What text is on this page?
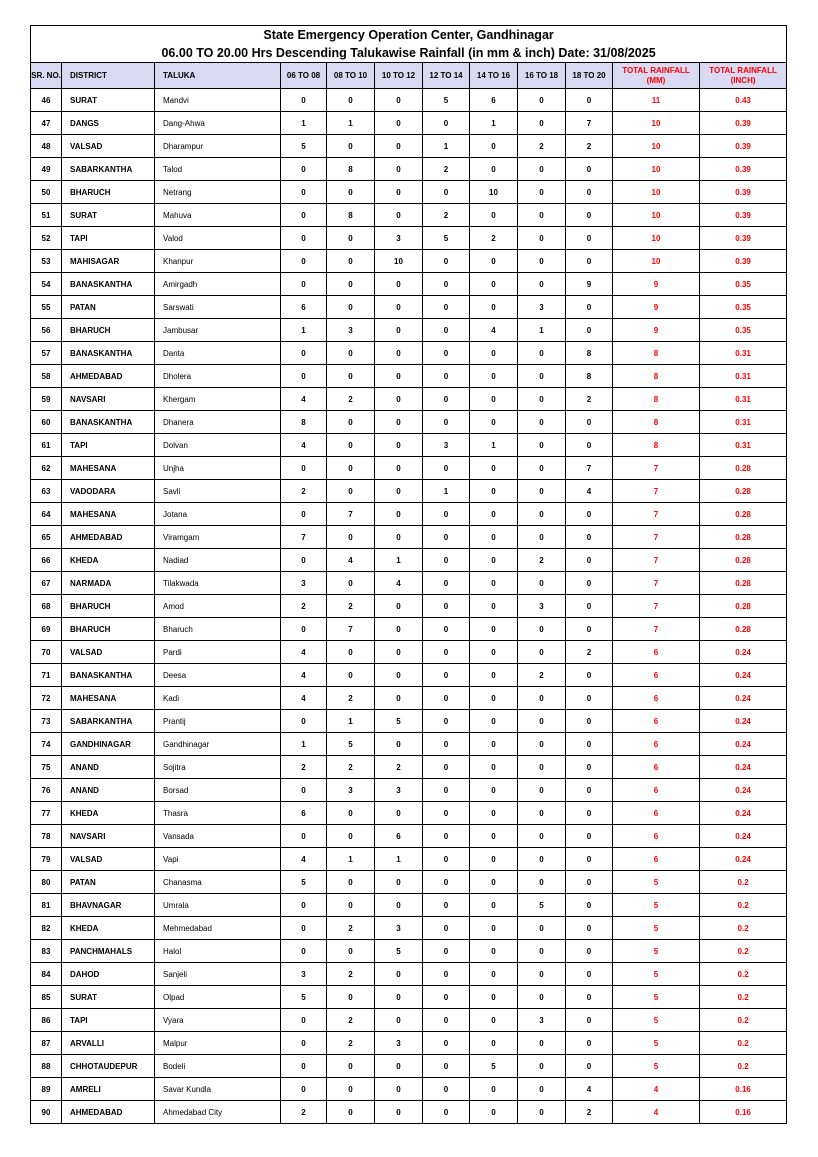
State Emergency Operation Center, Gandhinagar											
06.00 TO 20.00 Hrs Descending Talukawise Rainfall (in mm & inch) Date: 31/08/2025											
SR. NO.	DISTRICT	TALUKA	06 TO 08	08 TO 10	10 TO 12	12 TO 14	14 TO 16	16 TO 18	18 TO 20	TOTAL RAINFALL (MM)	TOTAL RAINFALL (INCH)
46	SURAT	Mandvi	0	0	0	5	6	0	0	11	0.43
47	DANGS	Dang-Ahwa	1	1	0	0	1	0	7	10	0.39
48	VALSAD	Dharampur	5	0	0	1	0	2	2	10	0.39
49	SABARKANTHA	Talod	0	8	0	2	0	0	0	10	0.39
50	BHARUCH	Netrang	0	0	0	0	10	0	0	10	0.39
51	SURAT	Mahuva	0	8	0	2	0	0	0	10	0.39
52	TAPI	Valod	0	0	3	5	2	0	0	10	0.39
53	MAHISAGAR	Khanpur	0	0	10	0	0	0	0	10	0.39
54	BANASKANTHA	Amirgadh	0	0	0	0	0	0	9	9	0.35
55	PATAN	Sarswati	6	0	0	0	0	3	0	9	0.35
56	BHARUCH	Jambusar	1	3	0	0	4	1	0	9	0.35
57	BANASKANTHA	Danta	0	0	0	0	0	0	8	8	0.31
58	AHMEDABAD	Dholera	0	0	0	0	0	0	8	8	0.31
59	NAVSARI	Khergam	4	2	0	0	0	0	2	8	0.31
60	BANASKANTHA	Dhanera	8	0	0	0	0	0	0	8	0.31
61	TAPI	Dolvan	4	0	0	3	1	0	0	8	0.31
62	MAHESANA	Unjha	0	0	0	0	0	0	7	7	0.28
63	VADODARA	Savli	2	0	0	1	0	0	4	7	0.28
64	MAHESANA	Jotana	0	7	0	0	0	0	0	7	0.28
65	AHMEDABAD	Viramgam	7	0	0	0	0	0	0	7	0.28
66	KHEDA	Nadiad	0	4	1	0	0	2	0	7	0.28
67	NARMADA	Tilakwada	3	0	4	0	0	0	0	7	0.28
68	BHARUCH	Amod	2	2	0	0	0	3	0	7	0.28
69	BHARUCH	Bharuch	0	7	0	0	0	0	0	7	0.28
70	VALSAD	Pardi	4	0	0	0	0	0	2	6	0.24
71	BANASKANTHA	Deesa	4	0	0	0	0	2	0	6	0.24
72	MAHESANA	Kadi	4	2	0	0	0	0	0	6	0.24
73	SABARKANTHA	Prantij	0	1	5	0	0	0	0	6	0.24
74	GANDHINAGAR	Gandhinagar	1	5	0	0	0	0	0	6	0.24
75	ANAND	Sojitra	2	2	2	0	0	0	0	6	0.24
76	ANAND	Borsad	0	3	3	0	0	0	0	6	0.24
77	KHEDA	Thasra	6	0	0	0	0	0	0	6	0.24
78	NAVSARI	Vansada	0	0	6	0	0	0	0	6	0.24
79	VALSAD	Vapi	4	1	1	0	0	0	0	6	0.24
80	PATAN	Chanasma	5	0	0	0	0	0	0	5	0.2
81	BHAVNAGAR	Umrala	0	0	0	0	0	5	0	5	0.2
82	KHEDA	Mehmedabad	0	2	3	0	0	0	0	5	0.2
83	PANCHMAHALS	Halol	0	0	5	0	0	0	0	5	0.2
84	DAHOD	Sanjeli	3	2	0	0	0	0	0	5	0.2
85	SURAT	Olpad	5	0	0	0	0	0	0	5	0.2
86	TAPI	Vyara	0	2	0	0	0	3	0	5	0.2
87	ARVALLI	Malpur	0	2	3	0	0	0	0	5	0.2
88	CHHOTAUDEPUR	Bodeli	0	0	0	0	5	0	0	5	0.2
89	AMRELI	Savar Kundla	0	0	0	0	0	0	4	4	0.16
90	AHMEDABAD	Ahmedabad City	2	0	0	0	0	0	2	4	0.16
